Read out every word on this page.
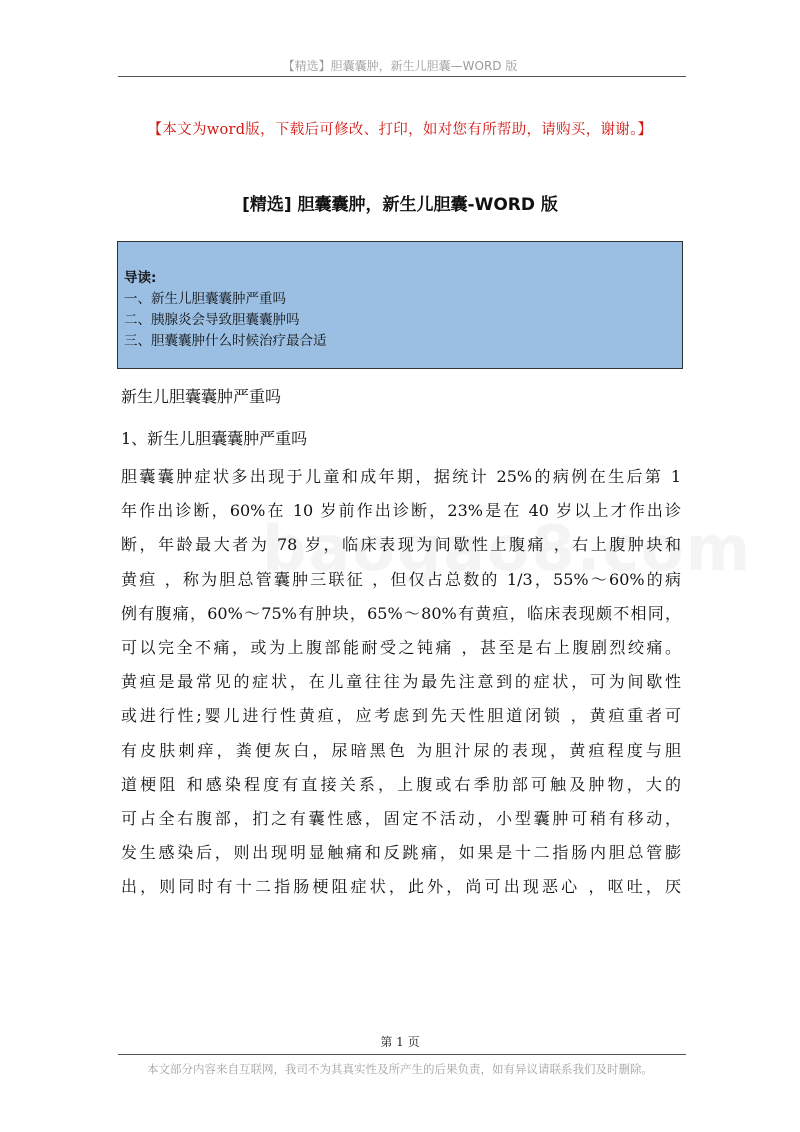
【精选】胆囊囊肿，新生儿胆囊—WORD 版
【本文为word版，下载后可修改、打印，如对您有所帮助，请购买，谢谢。】
[精选] 胆囊囊肿，新生儿胆囊-WORD 版
导读:
一、新生儿胆囊囊肿严重吗
二、胰腺炎会导致胆囊囊肿吗
三、胆囊囊肿什么时候治疗最合适
新生儿胆囊囊肿严重吗
1、新生儿胆囊囊肿严重吗
胆囊囊肿症状多出现于儿童和成年期，据统计 25%的病例在生后第 1
年作出诊断，60%在 10 岁前作出诊断，23%是在 40 岁以上才作出诊
断，年龄最大者为 78 岁，临床表现为间歇性上腹痛 ，右上腹肿块和
黄疸 ，称为胆总管囊肿三联征 ，但仅占总数的 1/3，55%～60%的病
例有腹痛，60%～75%有肿块，65%～80%有黄疸，临床表现颇不相同，
可以完全不痛，或为上腹部能耐受之钝痛 ，甚至是右上腹剧烈绞痛。
黄疸是最常见的症状，在儿童往往为最先注意到的症状，可为间歇性
或进行性;婴儿进行性黄疸，应考虑到先天性胆道闭锁 ，黄疸重者可
有皮肤刺痒，粪便灰白，尿暗黑色 为胆汁尿的表现，黄疸程度与胆
道梗阻 和感染程度有直接关系，上腹或右季肋部可触及肿物，大的
可占全右腹部，扪之有囊性感，固定不活动，小型囊肿可稍有移动，
发生感染后，则出现明显触痛和反跳痛，如果是十二指肠内胆总管膨
出，则同时有十二指肠梗阻症状，此外，尚可出现恶心 ，呕吐，厌
第 1 页
本文部分内容来自互联网，我司不为其真实性及所产生的后果负责，如有异议请联系我们及时删除。
